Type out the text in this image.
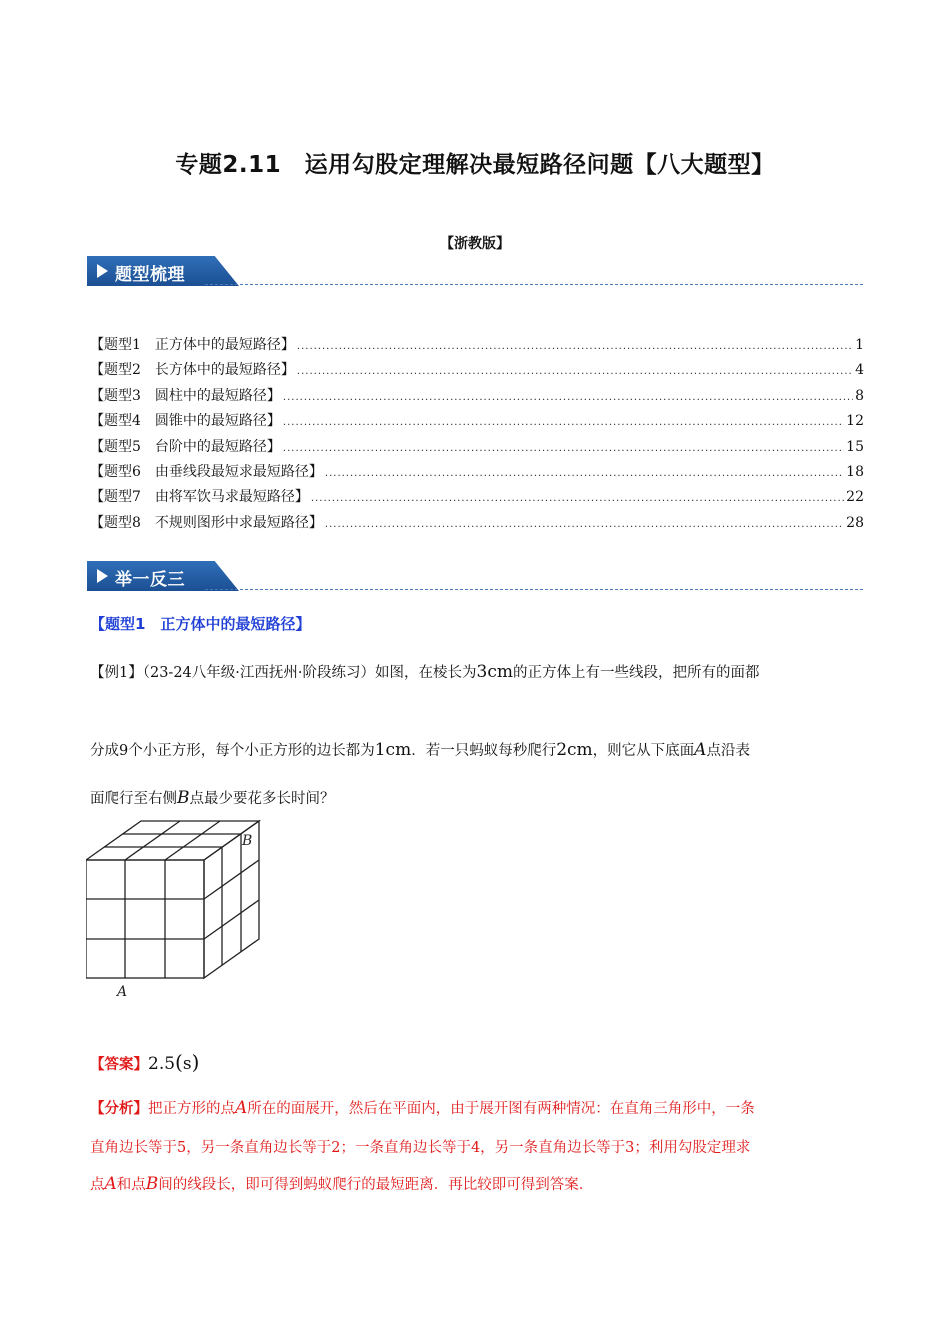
专题2.11　运用勾股定理解决最短路径问题【八大题型】
【浙教版】
题型梳理
【题型1　正方体中的最短路径】 .....	1
【题型2　长方体中的最短路径】 .....	4
【题型3　圆柱中的最短路径】 .....	8
【题型4　圆锥中的最短路径】 .....	12
【题型5　台阶中的最短路径】 .....	15
【题型6　由垂线段最短求最短路径】 .....	18
【题型7　由将军饮马求最短路径】 .....	22
【题型8　不规则图形中求最短路径】 .....	28
举一反三
【题型1　正方体中的最短路径】
【例1】（23-24八年级·江西抚州·阶段练习）如图，在棱长为3cm的正方体上有一些线段，把所有的面都
分成9个小正方形，每个小正方形的边长都为1cm．若一只蚂蚁每秒爬行2cm，则它从下底面A点沿表
面爬行至右侧B点最少要花多长时间？
B
A
【答案】2.5(s)
【分析】把正方形的点A所在的面展开，然后在平面内，由于展开图有两种情况：在直角三角形中，一条
直角边长等于5，另一条直角边长等于2；一条直角边长等于4，另一条直角边长等于3；利用勾股定理求
点A和点B间的线段长，即可得到蚂蚁爬行的最短距离．再比较即可得到答案．
